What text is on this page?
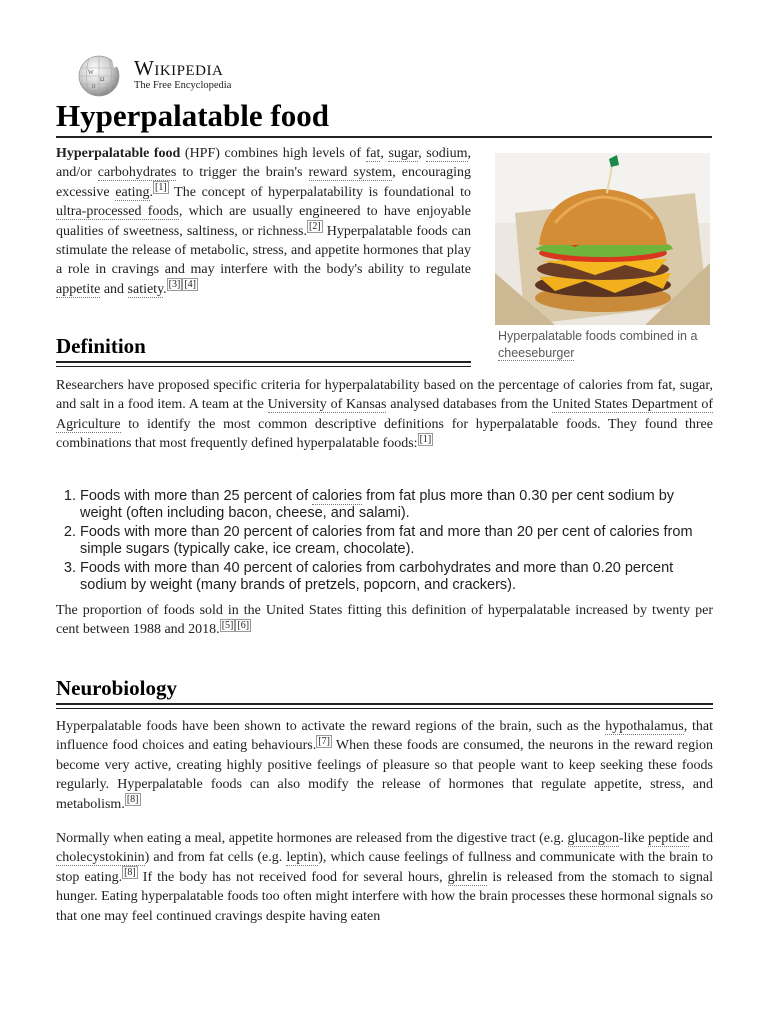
W
Ω
И
Wikipedia
The Free Encyclopedia
Hyperpalatable food

Hyperpalatable food (HPF) combines high levels of fat, sugar, sodium, and/or carbohydrates to trigger the brain's reward system, encouraging excessive eating. [1] The concept of hyperpalatability is foundational to ultra-processed foods, which are usually engineered to have enjoyable qualities of sweetness, saltiness, or richness. [2] Hyperpalatable foods can stimulate the release of metabolic, stress, and appetite hormones that play a role in cravings and may interfere with the body's ability to regulate appetite and satiety. [3] [4]

Hyperpalatable foods combined in a cheeseburger
Definition

Researchers have proposed specific criteria for hyperpalatability based on the percentage of calories from fat, sugar, and salt in a food item. A team at the University of Kansas analysed databases from the United States Department of Agriculture to identify the most common descriptive definitions for hyperpalatable foods. They found three combinations that most frequently defined hyperpalatable foods: [1]

1. Foods with more than 25 percent of calories from fat plus more than 0.30 per cent sodium by weight (often including bacon, cheese, and salami).
2. Foods with more than 20 percent of calories from fat and more than 20 per cent of calories from simple sugars (typically cake, ice cream, chocolate).
3. Foods with more than 40 percent of calories from carbohydrates and more than 0.20 percent sodium by weight (many brands of pretzels, popcorn, and crackers).

The proportion of foods sold in the United States fitting this definition of hyperpalatable increased by twenty per cent between 1988 and 2018. [5] [6]

Neurobiology

Hyperpalatable foods have been shown to activate the reward regions of the brain, such as the hypothalamus, that influence food choices and eating behaviours. [7] When these foods are consumed, the neurons in the reward region become very active, creating highly positive feelings of pleasure so that people want to keep seeking these foods regularly. Hyperpalatable foods can also modify the release of hormones that regulate appetite, stress, and metabolism. [8]

Normally when eating a meal, appetite hormones are released from the digestive tract (e.g. glucagon-like peptide and cholecystokinin) and from fat cells (e.g. leptin), which cause feelings of fullness and communicate with the brain to stop eating. [8] If the body has not received food for several hours, ghrelin is released from the stomach to signal hunger. Eating hyperpalatable foods too often might interfere with how the brain processes these hormonal signals so that one may feel continued cravings despite having eaten
